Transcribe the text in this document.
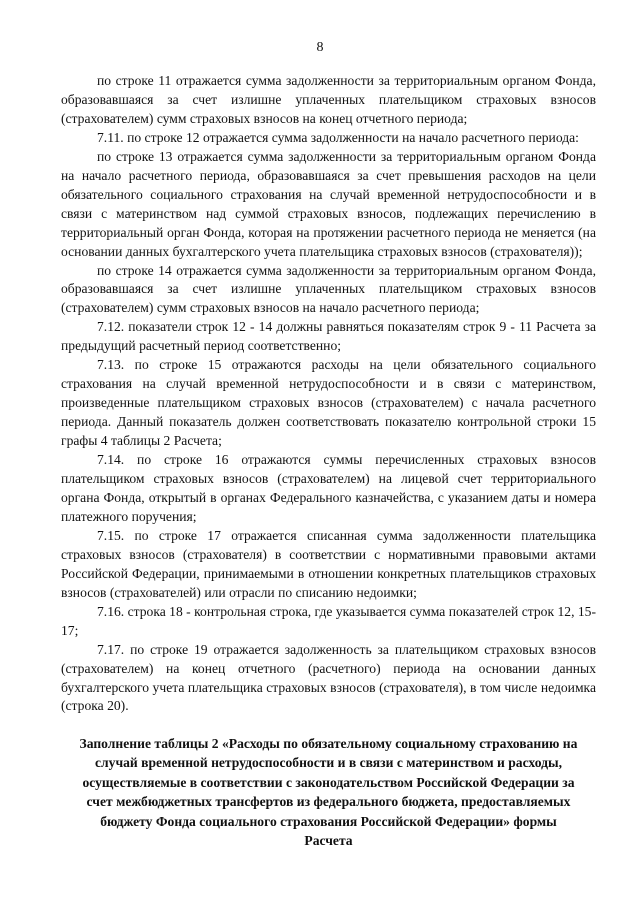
8

по строке 11 отражается сумма задолженности за территориальным органом Фонда, образовавшаяся за счет излишне уплаченных плательщиком страховых взносов (страхователем) сумм страховых взносов на конец отчетного периода;

7.11. по строке 12 отражается сумма задолженности на начало расчетного периода:

по строке 13 отражается сумма задолженности за территориальным органом Фонда на начало расчетного периода, образовавшаяся за счет превышения расходов на цели обязательного социального страхования на случай временной нетрудоспособности и в связи с материнством над суммой страховых взносов, подлежащих перечислению в территориальный орган Фонда, которая на протяжении расчетного периода не меняется (на основании данных бухгалтерского учета плательщика страховых взносов (страхователя));

по строке 14 отражается сумма задолженности за территориальным органом Фонда, образовавшаяся за счет излишне уплаченных плательщиком страховых взносов (страхователем) сумм страховых взносов на начало расчетного периода;

7.12. показатели строк 12 - 14 должны равняться показателям строк 9 - 11 Расчета за предыдущий расчетный период соответственно;

7.13. по строке 15 отражаются расходы на цели обязательного социального страхования на случай временной нетрудоспособности и в связи с материнством, произведенные плательщиком страховых взносов (страхователем) с начала расчетного периода. Данный показатель должен соответствовать показателю контрольной строки 15 графы 4 таблицы 2 Расчета;

7.14. по строке 16 отражаются суммы перечисленных страховых взносов плательщиком страховых взносов (страхователем) на лицевой счет территориального органа Фонда, открытый в органах Федерального казначейства, с указанием даты и номера платежного поручения;

7.15. по строке 17 отражается списанная сумма задолженности плательщика страховых взносов (страхователя) в соответствии с нормативными правовыми актами Российской Федерации, принимаемыми в отношении конкретных плательщиков страховых взносов (страхователей) или отрасли по списанию недоимки;

7.16. строка 18 - контрольная строка, где указывается сумма показателей строк 12, 15- 17;

7.17. по строке 19 отражается задолженность за плательщиком страховых взносов (страхователем) на конец отчетного (расчетного) периода на основании данных бухгалтерского учета плательщика страховых взносов (страхователя), в том числе недоимка (строка 20).

Заполнение таблицы 2 «Расходы по обязательному социальному страхованию на случай временной нетрудоспособности и в связи с материнством и расходы, осуществляемые в соответствии с законодательством Российской Федерации за счет межбюджетных трансфертов из федерального бюджета, предоставляемых бюджету Фонда социального страхования Российской Федерации» формы Расчета
